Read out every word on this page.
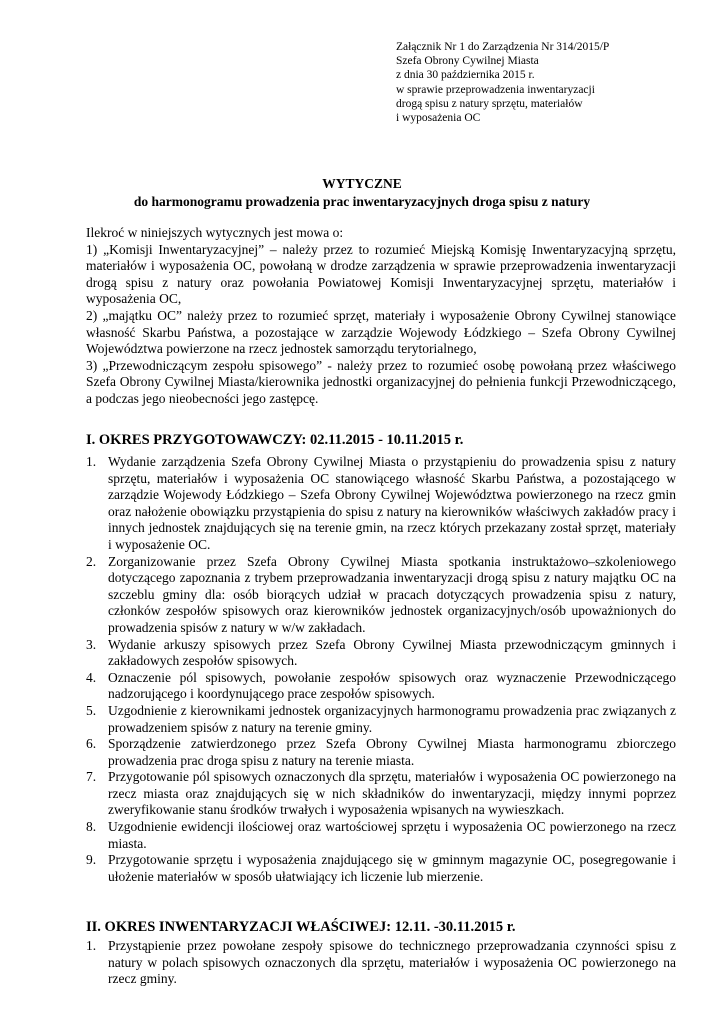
Załącznik Nr 1 do Zarządzenia Nr 314/2015/P
Szefa Obrony Cywilnej Miasta
z dnia 30 października 2015 r.
w sprawie przeprowadzenia inwentaryzacji
drogą spisu z natury sprzętu, materiałów
i wyposażenia OC
WYTYCZNE
do harmonogramu prowadzenia prac inwentaryzacyjnych droga spisu z natury

Ilekroć w niniejszych wytycznych jest mowa o:

1) „Komisji Inwentaryzacyjnej” – należy przez to rozumieć Miejską Komisję Inwentaryzacyjną sprzętu, materiałów i wyposażenia OC, powołaną w drodze zarządzenia w sprawie przeprowadzenia inwentaryzacji drogą spisu z natury oraz powołania Powiatowej Komisji Inwentaryzacyjnej sprzętu, materiałów i wyposażenia OC,

2) „majątku OC” należy przez to rozumieć sprzęt, materiały i wyposażenie Obrony Cywilnej stanowiące własność Skarbu Państwa, a pozostające w zarządzie Wojewody Łódzkiego – Szefa Obrony Cywilnej Województwa powierzone na rzecz jednostek samorządu terytorialnego,

3) „Przewodniczącym zespołu spisowego” - należy przez to rozumieć osobę powołaną przez właściwego Szefa Obrony Cywilnej Miasta/kierownika jednostki organizacyjnej do pełnienia funkcji Przewodniczącego, a podczas jego nieobecności jego zastępcę.

I. OKRES PRZYGOTOWAWCZY: 02.11.2015 - 10.11.2015 r.
1. Wydanie zarządzenia Szefa Obrony Cywilnej Miasta o przystąpieniu do prowadzenia spisu z natury sprzętu, materiałów i wyposażenia OC stanowiącego własność Skarbu Państwa, a pozostającego w zarządzie Wojewody Łódzkiego – Szefa Obrony Cywilnej Województwa powierzonego na rzecz gmin oraz nałożenie obowiązku przystąpienia do spisu z natury na kierowników właściwych zakładów pracy i innych jednostek znajdujących się na terenie gmin, na rzecz których przekazany został sprzęt, materiały i wyposażenie OC.
2. Zorganizowanie przez Szefa Obrony Cywilnej Miasta spotkania instruktażowo–szkoleniowego dotyczącego zapoznania z trybem przeprowadzania inwentaryzacji drogą spisu z natury majątku OC na szczeblu gminy dla: osób biorących udział w pracach dotyczących prowadzenia spisu z natury, członków zespołów spisowych oraz kierowników jednostek organizacyjnych/osób upoważnionych do prowadzenia spisów z natury w w/w zakładach.
3. Wydanie arkuszy spisowych przez Szefa Obrony Cywilnej Miasta przewodniczącym gminnych i zakładowych zespołów spisowych.
4. Oznaczenie pól spisowych, powołanie zespołów spisowych oraz wyznaczenie Przewodniczącego nadzorującego i koordynującego prace zespołów spisowych.
5. Uzgodnienie z kierownikami jednostek organizacyjnych harmonogramu prowadzenia prac związanych z prowadzeniem spisów z natury na terenie gminy.
6. Sporządzenie zatwierdzonego przez Szefa Obrony Cywilnej Miasta harmonogramu zbiorczego prowadzenia prac droga spisu z natury na terenie miasta.
7. Przygotowanie pól spisowych oznaczonych dla sprzętu, materiałów i wyposażenia OC powierzonego na rzecz miasta oraz znajdujących się w nich składników do inwentaryzacji, między innymi poprzez zweryfikowanie stanu środków trwałych i wyposażenia wpisanych na wywieszkach.
8. Uzgodnienie ewidencji ilościowej oraz wartościowej sprzętu i wyposażenia OC powierzonego na rzecz miasta.
9. Przygotowanie sprzętu i wyposażenia znajdującego się w gminnym magazynie OC, posegregowanie i ułożenie materiałów w sposób ułatwiający ich liczenie lub mierzenie.
II. OKRES INWENTARYZACJI WŁAŚCIWEJ: 12.11. -30.11.2015 r.
1. Przystąpienie przez powołane zespoły spisowe do technicznego przeprowadzania czynności spisu z natury w polach spisowych oznaczonych dla sprzętu, materiałów i wyposażenia OC powierzonego na rzecz gminy.
